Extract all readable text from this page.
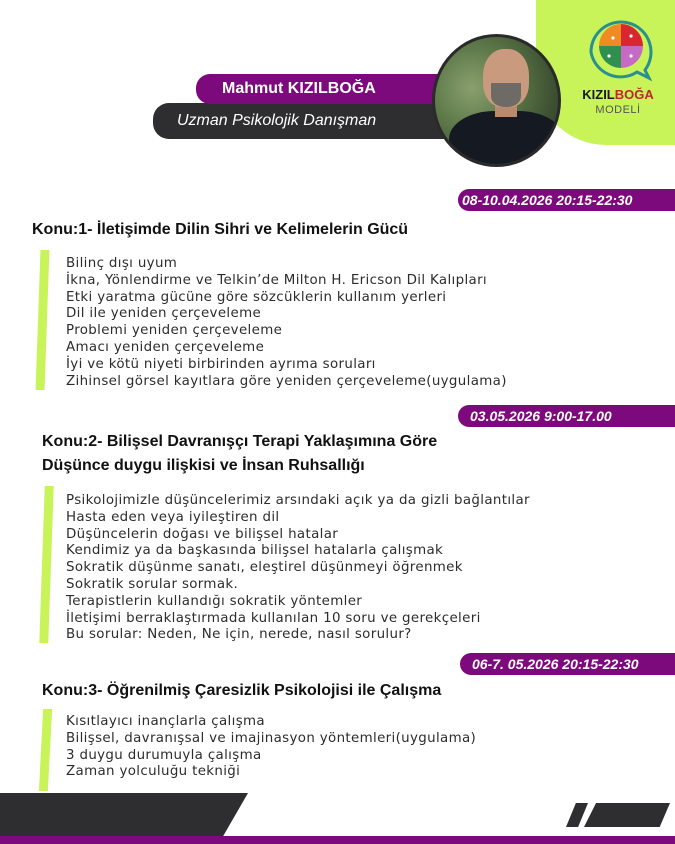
KIZILBOĞA
MODELİ
Uzman Psikolojik Danışman
Mahmut KIZILBOĞA
08-10.04.2026 20:15-22:30
Konu:1- İletişimde Dilin Sihri ve Kelimelerin Gücü
Bilinç dışı uyum
İkna, Yönlendirme ve Telkin’de Milton H. Ericson Dil Kalıpları
Etki yaratma gücüne göre sözcüklerin kullanım yerleri
Dil ile yeniden çerçeveleme
Problemi yeniden çerçeveleme
Amacı yeniden çerçeveleme
İyi ve kötü niyeti birbirinden ayrıma soruları
Zihinsel görsel kayıtlara göre yeniden çerçeveleme(uygulama)
03.05.2026 9:00-17.00
Konu:2- Bilişsel Davranışçı Terapi Yaklaşımına Göre
Düşünce duygu ilişkisi ve İnsan Ruhsallığı
Psikolojimizle düşüncelerimiz arsındaki açık ya da gizli bağlantılar
Hasta eden veya iyileştiren dil
Düşüncelerin doğası ve bilişsel hatalar
Kendimiz ya da başkasında bilişsel hatalarla çalışmak
Sokratik düşünme sanatı, eleştirel düşünmeyi öğrenmek
Sokratik sorular sormak.
Terapistlerin kullandığı sokratik yöntemler
İletişimi berraklaştırmada kullanılan 10 soru ve gerekçeleri
Bu sorular: Neden, Ne için, nerede, nasıl sorulur?
06-7. 05.2026 20:15-22:30
Konu:3- Öğrenilmiş Çaresizlik Psikolojisi ile Çalışma
Kısıtlayıcı inançlarla çalışma
Bilişsel, davranışsal ve imajinasyon yöntemleri(uygulama)
3 duygu durumuyla çalışma
Zaman yolculuğu tekniği
